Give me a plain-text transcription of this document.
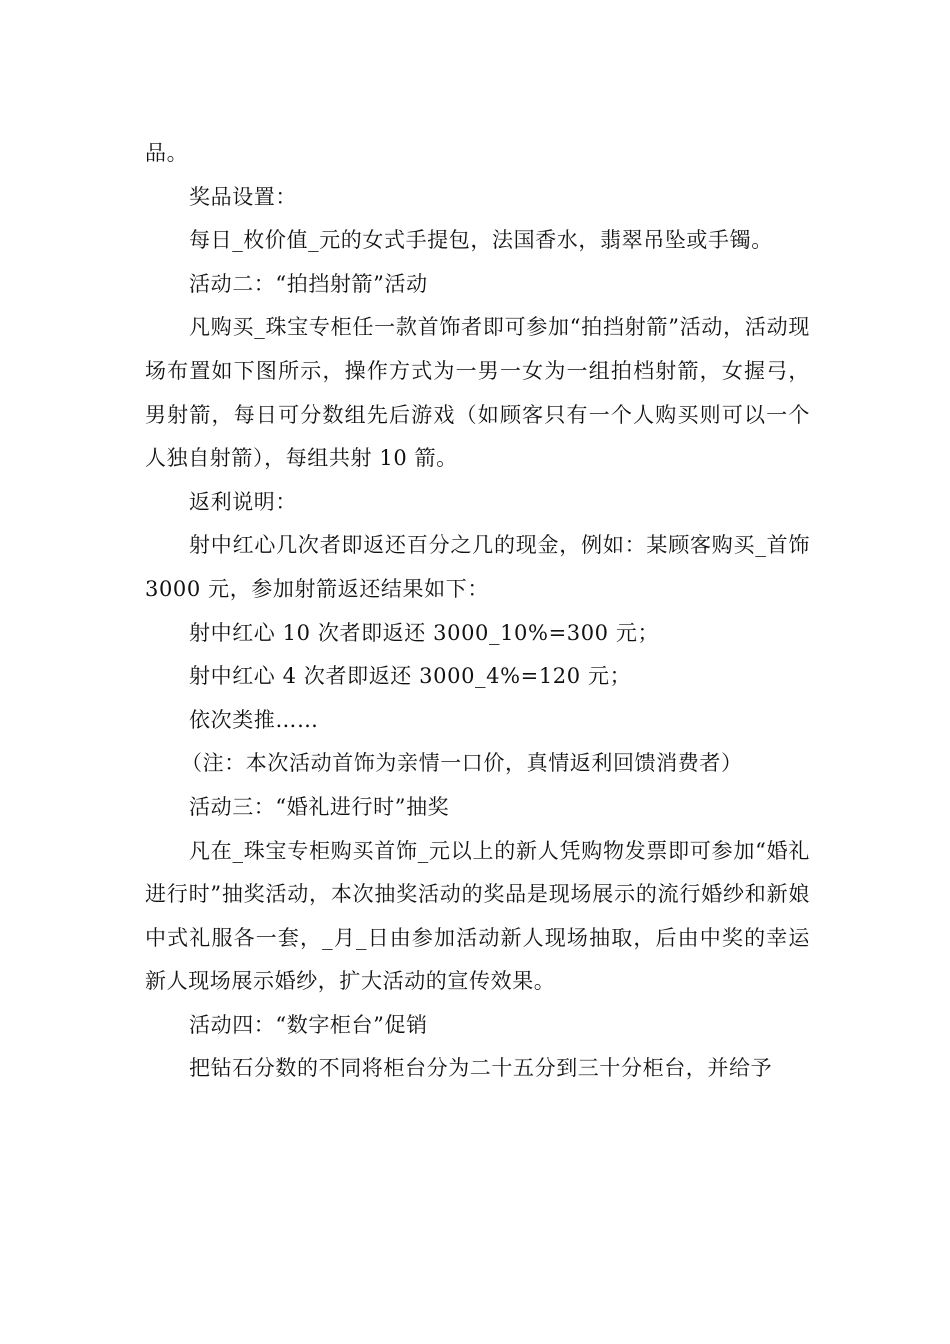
品。

奖品设置：

每日_枚价值_元的女式手提包，法国香水，翡翠吊坠或手镯。

活动二：“拍挡射箭”活动

凡购买_珠宝专柜任一款首饰者即可参加“拍挡射箭”活动，活动现场布置如下图所示，操作方式为一男一女为一组拍档射箭，女握弓，男射箭，每日可分数组先后游戏（如顾客只有一个人购买则可以一个人独自射箭），每组共射 10 箭。

返利说明：

射中红心几次者即返还百分之几的现金，例如：某顾客购买_首饰 3000 元，参加射箭返还结果如下：

射中红心 10 次者即返还 3000_10%=300 元；

射中红心 4 次者即返还 3000_4%=120 元；

依次类推……

（注：本次活动首饰为亲情一口价，真情返利回馈消费者）

活动三：“婚礼进行时”抽奖

凡在_珠宝专柜购买首饰_元以上的新人凭购物发票即可参加“婚礼进行时”抽奖活动，本次抽奖活动的奖品是现场展示的流行婚纱和新娘中式礼服各一套，_月_日由参加活动新人现场抽取，后由中奖的幸运新人现场展示婚纱，扩大活动的宣传效果。

活动四：“数字柜台”促销

把钻石分数的不同将柜台分为二十五分到三十分柜台，并给予
